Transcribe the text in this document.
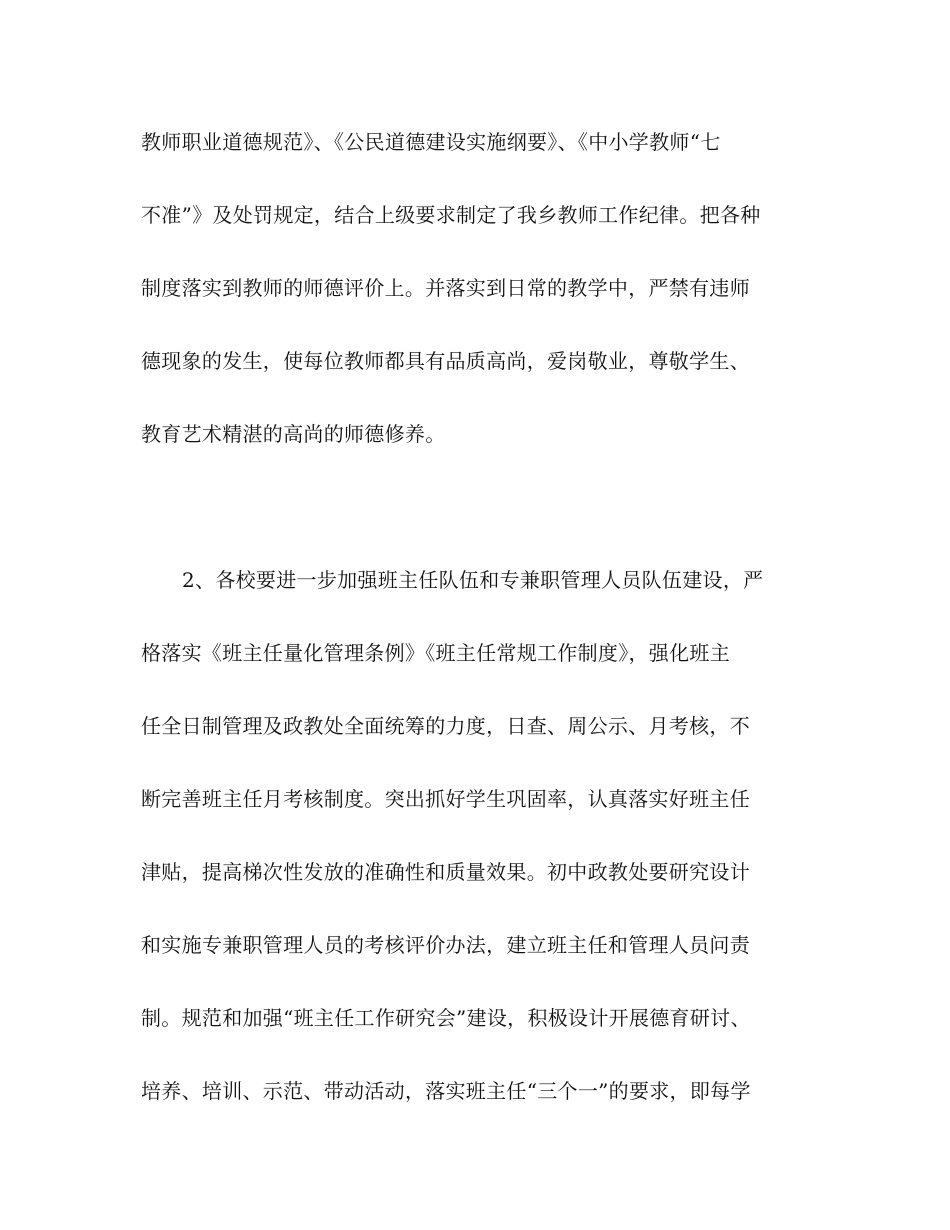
教师职业道德规范》、《公民道德建设实施纲要》、《中小学教师“七
不准”》及处罚规定，结合上级要求制定了我乡教师工作纪律。把各种
制度落实到教师的师德评价上。并落实到日常的教学中，严禁有违师
德现象的发生，使每位教师都具有品质高尚，爱岗敬业，尊敬学生、
教育艺术精湛的高尚的师德修养。
2、各校要进一步加强班主任队伍和专兼职管理人员队伍建设，严
格落实《班主任量化管理条例》《班主任常规工作制度》，强化班主
任全日制管理及政教处全面统筹的力度，日查、周公示、月考核，不
断完善班主任月考核制度。突出抓好学生巩固率，认真落实好班主任
津贴，提高梯次性发放的准确性和质量效果。初中政教处要研究设计
和实施专兼职管理人员的考核评价办法，建立班主任和管理人员问责
制。规范和加强“班主任工作研究会”建设，积极设计开展德育研讨、
培养、培训、示范、带动活动，落实班主任“三个一”的要求，即每学
